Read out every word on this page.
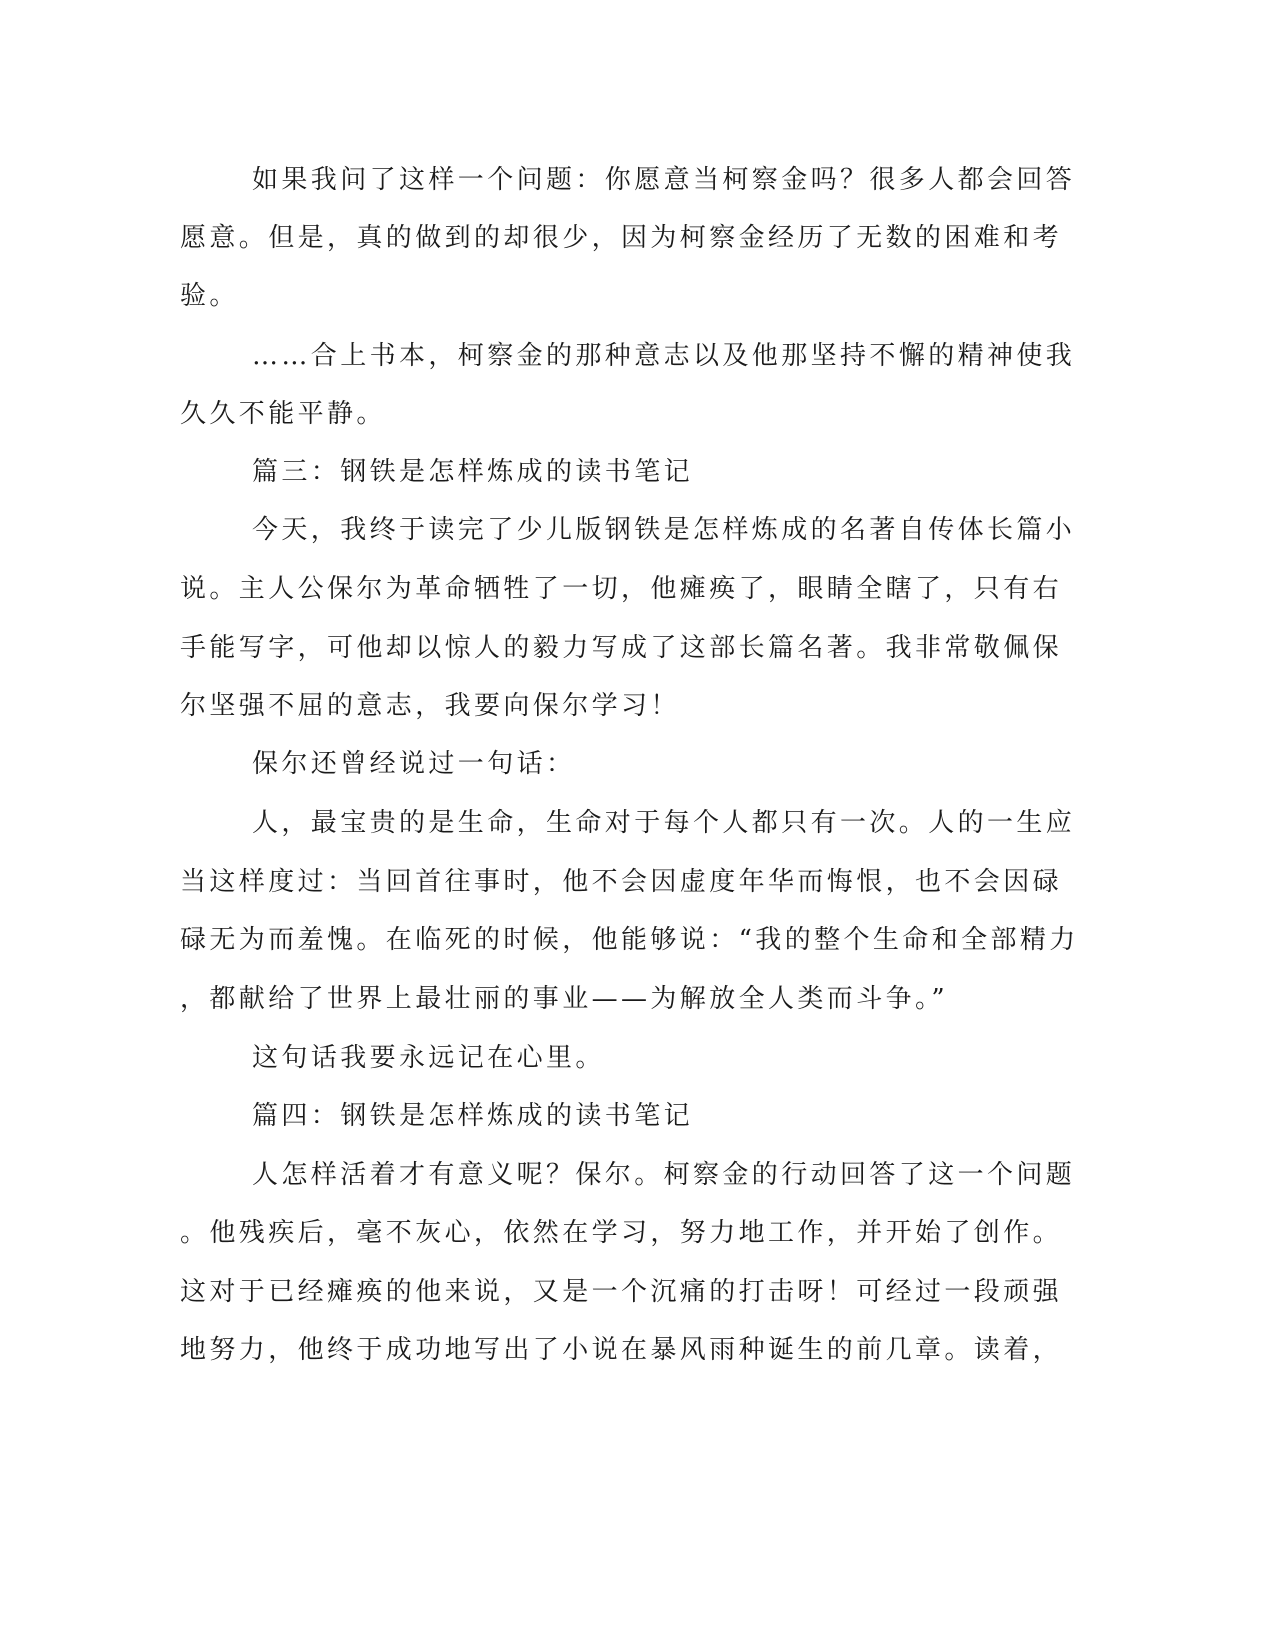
如果我问了这样一个问题：你愿意当柯察金吗？很多人都会回答
愿意。但是，真的做到的却很少，因为柯察金经历了无数的困难和考
验。
……合上书本，柯察金的那种意志以及他那坚持不懈的精神使我
久久不能平静。
篇三：钢铁是怎样炼成的读书笔记
今天，我终于读完了少儿版钢铁是怎样炼成的名著自传体长篇小
说。主人公保尔为革命牺牲了一切，他瘫痪了，眼睛全瞎了，只有右
手能写字，可他却以惊人的毅力写成了这部长篇名著。我非常敬佩保
尔坚强不屈的意志，我要向保尔学习！
保尔还曾经说过一句话：
人，最宝贵的是生命，生命对于每个人都只有一次。人的一生应
当这样度过：当回首往事时，他不会因虚度年华而悔恨，也不会因碌
碌无为而羞愧。在临死的时候，他能够说：“我的整个生命和全部精力
，都献给了世界上最壮丽的事业——为解放全人类而斗争。”
这句话我要永远记在心里。
篇四：钢铁是怎样炼成的读书笔记
人怎样活着才有意义呢？保尔。柯察金的行动回答了这一个问题
。他残疾后，毫不灰心，依然在学习，努力地工作，并开始了创作。
这对于已经瘫痪的他来说，又是一个沉痛的打击呀！可经过一段顽强
地努力，他终于成功地写出了小说在暴风雨种诞生的前几章。读着，
